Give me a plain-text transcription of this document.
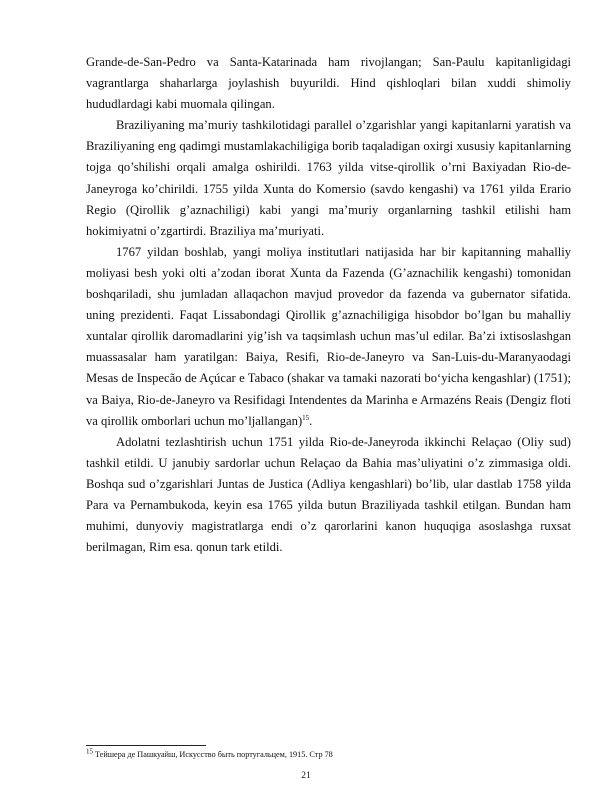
Grande-de-San-Pedro va Santa-Katarinada ham rivojlangan; San-Paulu kapitanligidagi vagrantlarga shaharlarga joylashish buyurildi. Hind qishloqlari bilan xuddi shimoliy hududlardagi kabi muomala qilingan.

Braziliyaning ma’muriy tashkilotidagi parallel o’zgarishlar yangi kapitanlarni yaratish va Braziliyaning eng qadimgi mustamlakachiligiga borib taqaladigan oxirgi xususiy kapitanlarning tojga qo’shilishi orqali amalga oshirildi. 1763 yilda vitse-qirollik o’rni Baxiyadan Rio-de-Janeyroga ko’chirildi. 1755 yilda Xunta do Komersio (savdo kengashi) va 1761 yilda Erario Regio (Qirollik g’aznachiligi) kabi yangi ma’muriy organlarning tashkil etilishi ham hokimiyatni o’zgartirdi. Braziliya ma’muriyati.

1767 yildan boshlab, yangi moliya institutlari natijasida har bir kapitanning mahalliy moliyasi besh yoki olti a’zodan iborat Xunta da Fazenda (G’aznachilik kengashi) tomonidan boshqariladi, shu jumladan allaqachon mavjud provedor da fazenda va gubernator sifatida. uning prezidenti. Faqat Lissabondagi Qirollik g’aznachiligiga hisobdor bo’lgan bu mahalliy xuntalar qirollik daromadlarini yig’ish va taqsimlash uchun mas’ul edilar. Ba’zi ixtisoslashgan muassasalar ham yaratilgan: Baiya, Resifi, Rio-de-Janeyro va San-Luis-du-Maranyaodagi Mesas de Inspecão de Açúcar e Tabaco (shakar va tamaki nazorati bo‘yicha kengashlar) (1751); va Baiya, Rio-de-Janeyro va Resifidagi Intendentes da Marinha e Armazéns Reais (Dengiz floti va qirollik omborlari uchun mo’ljallangan)$^{15}$.

Adolatni tezlashtirish uchun 1751 yilda Rio-de-Janeyroda ikkinchi Relaçao (Oliy sud) tashkil etildi. U janubiy sardorlar uchun Relaçao da Bahia mas’uliyatini o’z zimmasiga oldi. Boshqa sud o’zgarishlari Juntas de Justica (Adliya kengashlari) bo’lib, ular dastlab 1758 yilda Para va Pernambukoda, keyin esa 1765 yilda butun Braziliyada tashkil etilgan. Bundan ham muhimi, dunyoviy magistratlarga endi o’z qarorlarini kanon huquqiga asoslashga ruxsat berilmagan, Rim esa. qonun tark etildi.

$^{15}$ Тейшера де Пашкуайш, Искусство быть португальцем, 1915. Стр 78
21
